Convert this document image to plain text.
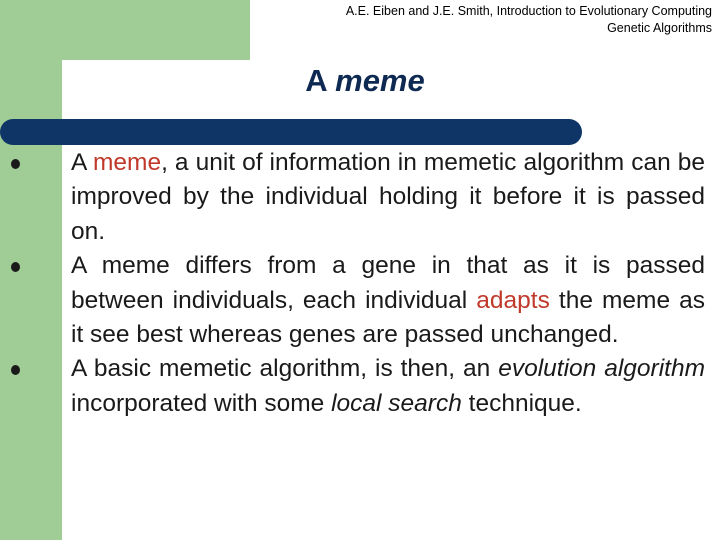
A.E. Eiben and J.E. Smith, Introduction to Evolutionary Computing
Genetic Algorithms
A meme
A meme, a unit of information in memetic algorithm can be improved by the individual holding it before it is passed on.
A meme differs from a gene in that as it is passed between individuals, each individual adapts the meme as it see best whereas genes are passed unchanged.
A basic memetic algorithm, is then, an evolution algorithm incorporated with some local search technique.
